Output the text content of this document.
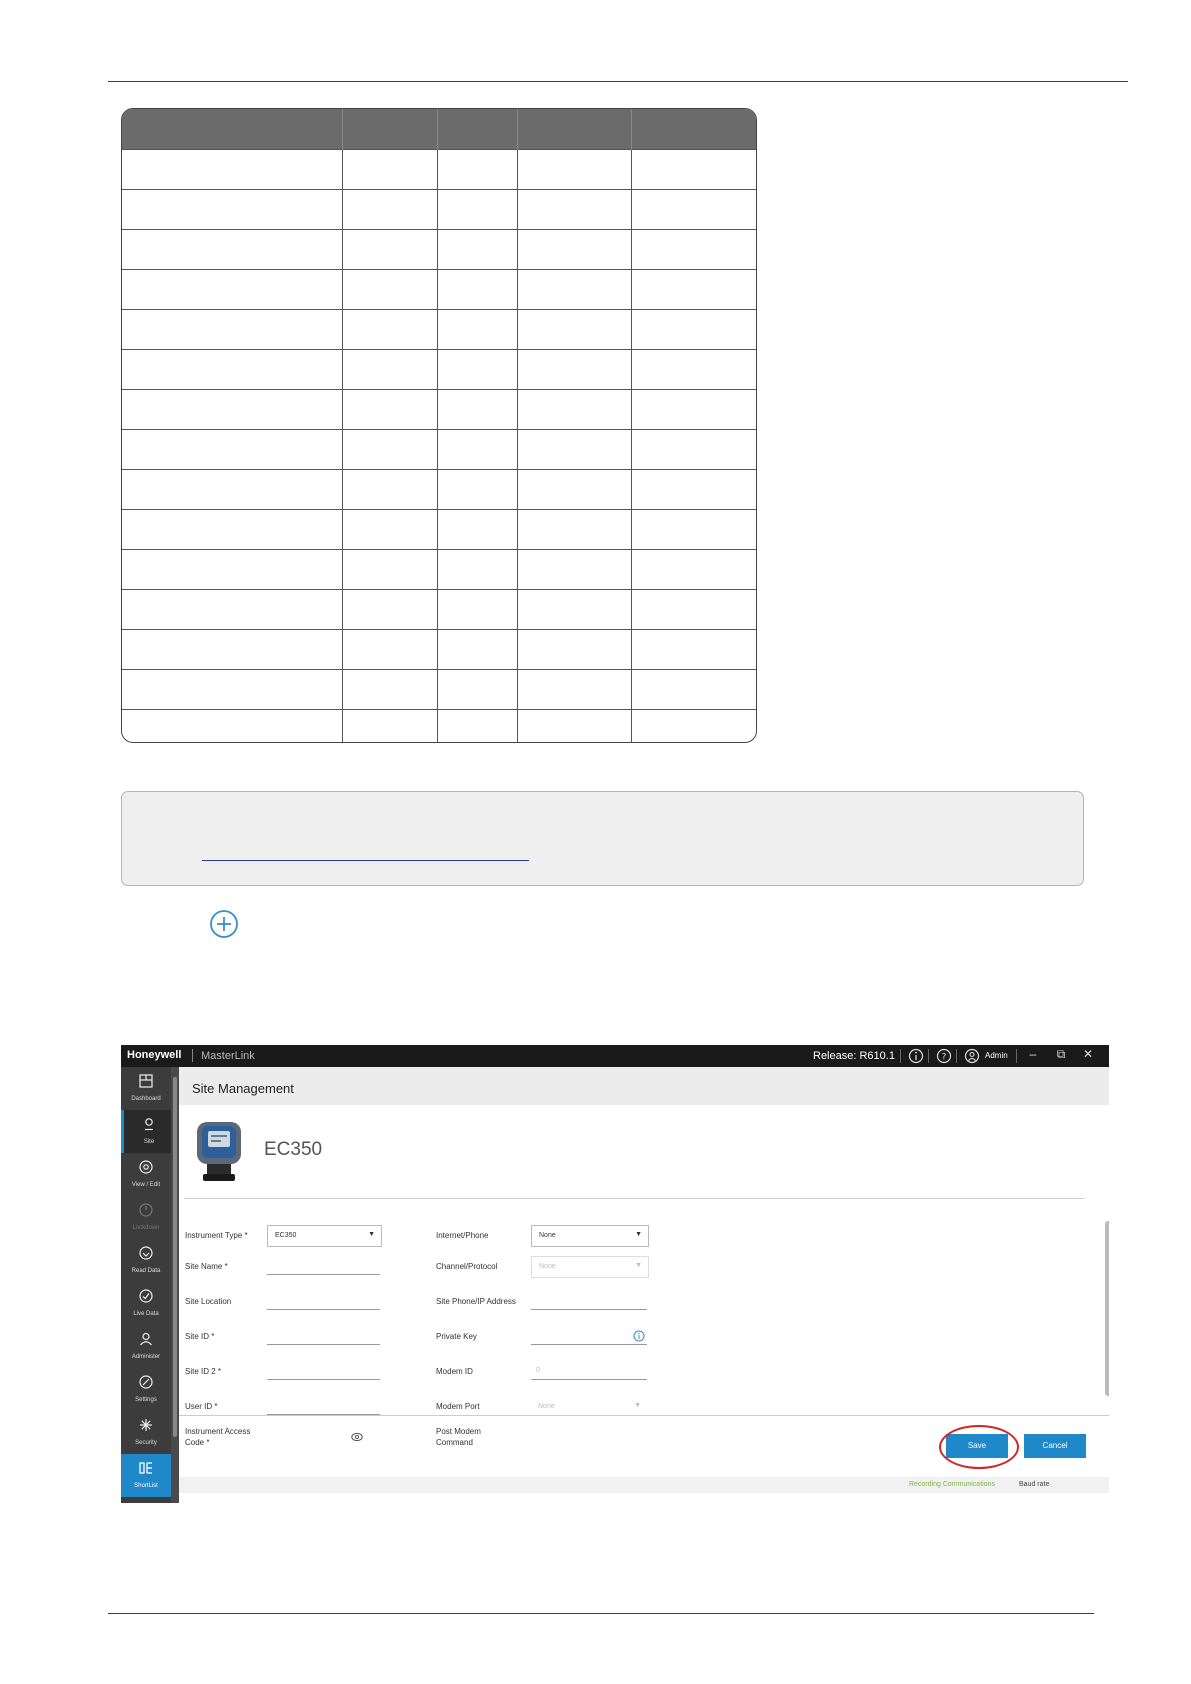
Honeywell MasterLink	Release: R610.1	?	Admin	–	⧉ ✕
Dashboard
Site
View / Edit
Lockdown
Read Data
Live Data
Administer
Settings
Security
ShortList
Site Management
EC350
Instrument Type *	EC350	▼
Site Name *
Site Location
Site ID *
Site ID 2 *
User ID *
Instrument Access
Code *
Internet/Phone	None	▼
Channel/Protocol	None	▼
Site Phone/IP Address
Private Key
Modem ID	0
Modem Port	None	▼
Post Modem
Command	Save	Cancel
Recording Communications	Baud rate
